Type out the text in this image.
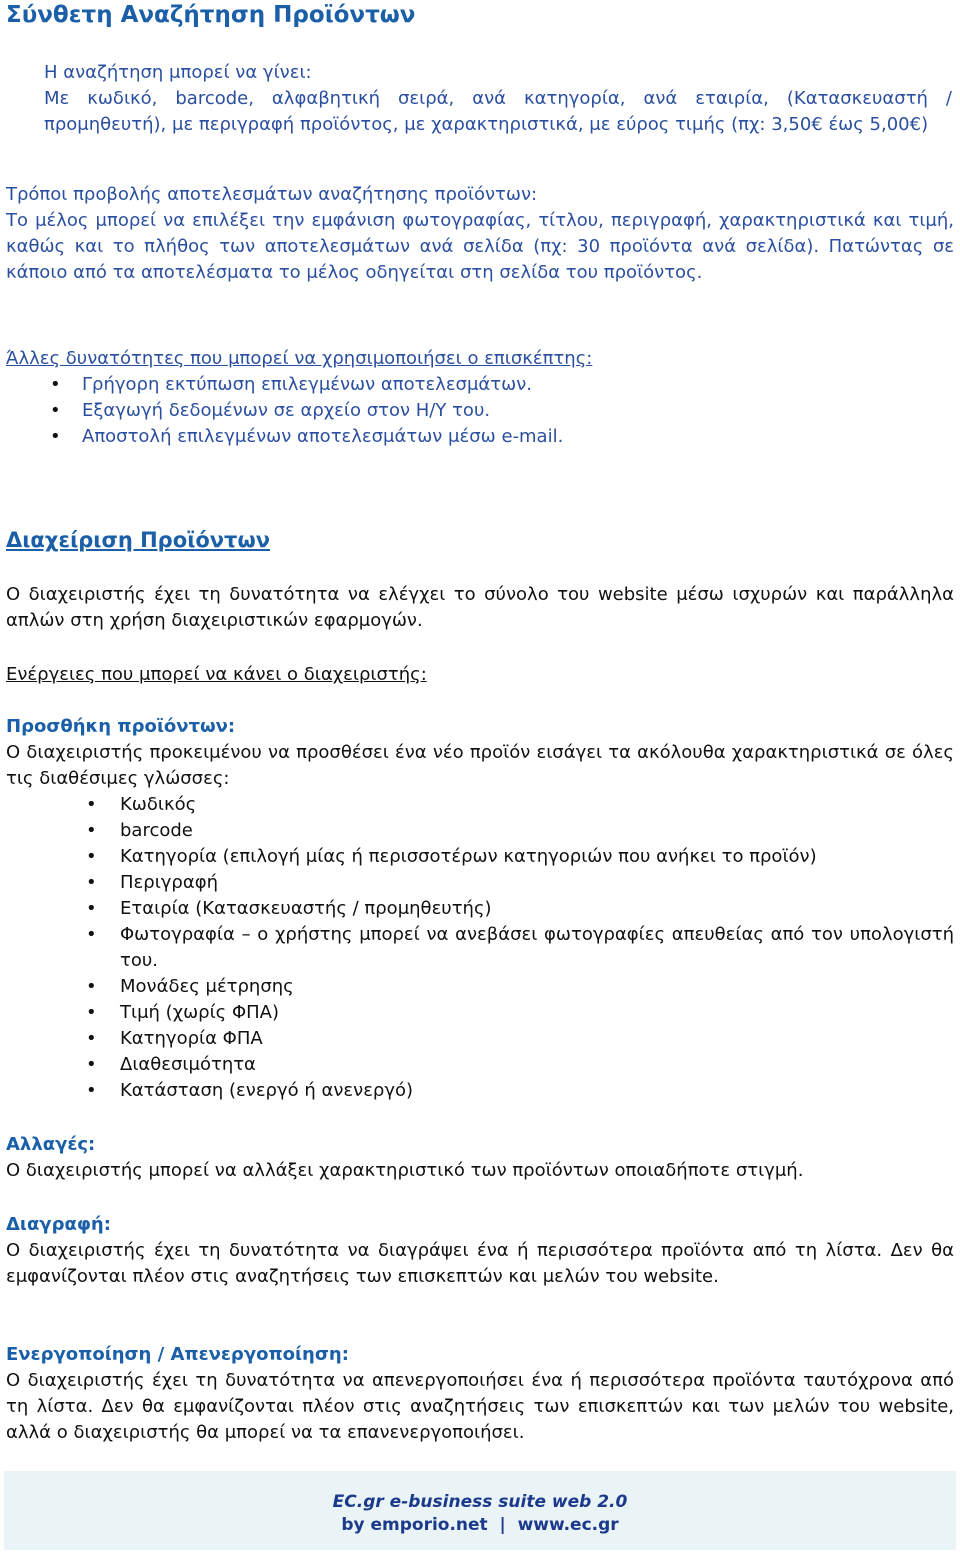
Σύνθετη Αναζήτηση Προϊόντων
Η αναζήτηση μπορεί να γίνει:
Με κωδικό, barcode, αλφαβητική σειρά, ανά κατηγορία, ανά εταιρία, (Κατασκευαστή / προμηθευτή), με περιγραφή προϊόντος, με χαρακτηριστικά, με εύρος τιμής (πχ: 3,50€ έως 5,00€)
Τρόποι προβολής αποτελεσμάτων αναζήτησης προϊόντων:
Το μέλος μπορεί να επιλέξει την εμφάνιση φωτογραφίας, τίτλου, περιγραφή, χαρακτηριστικά και τιμή, καθώς και το πλήθος των αποτελεσμάτων ανά σελίδα (πχ: 30 προϊόντα ανά σελίδα). Πατώντας σε κάποιο από τα αποτελέσματα το μέλος οδηγείται στη σελίδα του προϊόντος.
Άλλες δυνατότητες που μπορεί να χρησιμοποιήσει ο επισκέπτης:
• Γρήγορη εκτύπωση επιλεγμένων αποτελεσμάτων.
• Εξαγωγή δεδομένων σε αρχείο στον Η/Υ του.
• Αποστολή επιλεγμένων αποτελεσμάτων μέσω e-mail.
Διαχείριση Προϊόντων
Ο διαχειριστής έχει τη δυνατότητα να ελέγχει το σύνολο του website μέσω ισχυρών και παράλληλα απλών στη χρήση διαχειριστικών εφαρμογών.
Ενέργειες που μπορεί να κάνει ο διαχειριστής:
Προσθήκη προϊόντων:
Ο διαχειριστής προκειμένου να προσθέσει ένα νέο προϊόν εισάγει τα ακόλουθα χαρακτηριστικά σε όλες τις διαθέσιμες γλώσσες:
• Κωδικός
• barcode
• Κατηγορία (επιλογή μίας ή περισσοτέρων κατηγοριών που ανήκει το προϊόν)
• Περιγραφή
• Εταιρία (Κατασκευαστής / προμηθευτής)
• Φωτογραφία – ο χρήστης μπορεί να ανεβάσει φωτογραφίες απευθείας από τον υπολογιστή του.
• Μονάδες μέτρησης
• Τιμή (χωρίς ΦΠΑ)
• Κατηγορία ΦΠΑ
• Διαθεσιμότητα
• Κατάσταση (ενεργό ή ανενεργό)
Αλλαγές:
Ο διαχειριστής μπορεί να αλλάξει χαρακτηριστικό των προϊόντων οποιαδήποτε στιγμή.
Διαγραφή:
Ο διαχειριστής έχει τη δυνατότητα να διαγράψει ένα ή περισσότερα προϊόντα από τη λίστα. Δεν θα εμφανίζονται πλέον στις αναζητήσεις των επισκεπτών και μελών του website.
Ενεργοποίηση / Απενεργοποίηση:
Ο διαχειριστής έχει τη δυνατότητα να απενεργοποιήσει ένα ή περισσότερα προϊόντα ταυτόχρονα από τη λίστα. Δεν θα εμφανίζονται πλέον στις αναζητήσεις των επισκεπτών και των μελών του website, αλλά ο διαχειριστής θα μπορεί να τα επανενεργοποιήσει.
EC.gr e-business suite web 2.0
by emporio.net  |  www.ec.gr
